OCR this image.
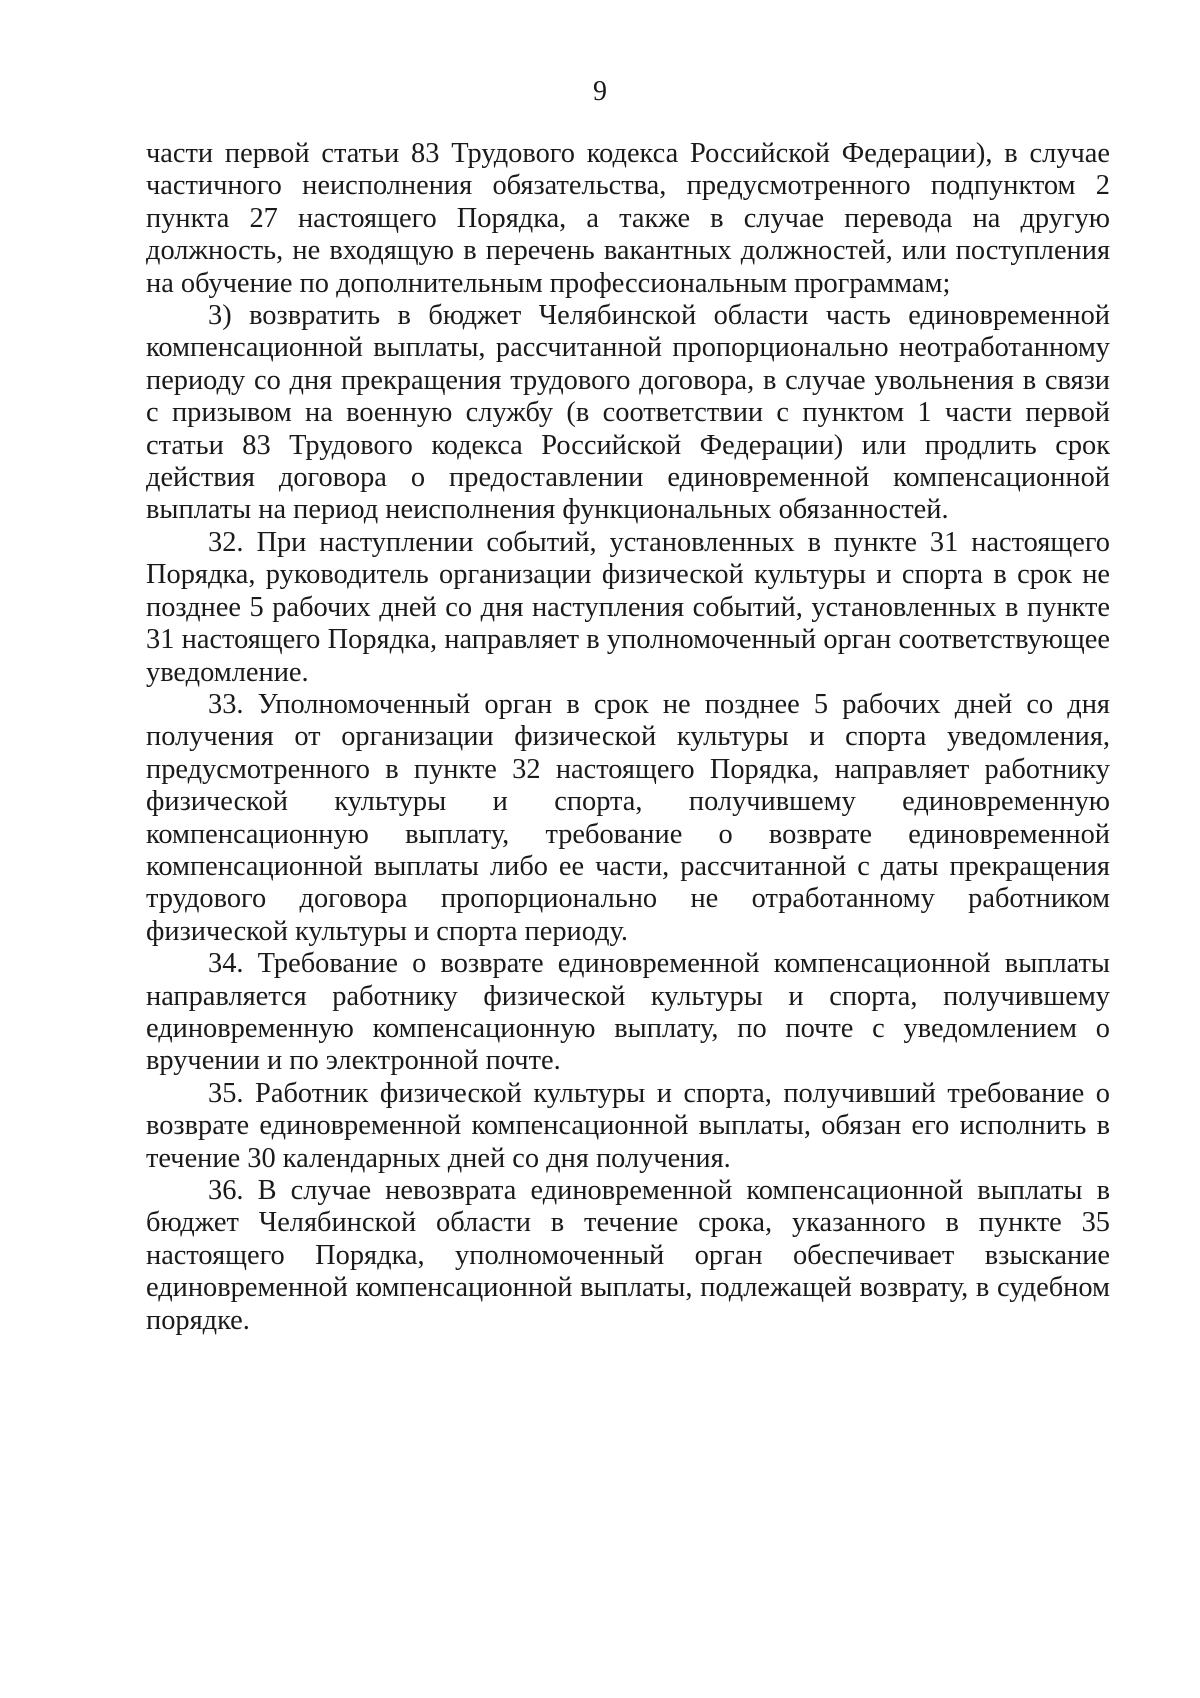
9

части первой статьи 83 Трудового кодекса Российской Федерации), в случае частичного неисполнения обязательства, предусмотренного подпунктом 2 пункта 27 настоящего Порядка, а также в случае перевода на другую должность, не входящую в перечень вакантных должностей, или поступления на обучение по дополнительным профессиональным программам;

3) возвратить в бюджет Челябинской области часть единовременной компенсационной выплаты, рассчитанной пропорционально неотработанному периоду со дня прекращения трудового договора, в случае увольнения в связи с призывом на военную службу (в соответствии с пунктом 1 части первой статьи 83 Трудового кодекса Российской Федерации) или продлить срок действия договора о предоставлении единовременной компенсационной выплаты на период неисполнения функциональных обязанностей.

32. При наступлении событий, установленных в пункте 31 настоящего Порядка, руководитель организации физической культуры и спорта в срок не позднее 5 рабочих дней со дня наступления событий, установленных в пункте 31 настоящего Порядка, направляет в уполномоченный орган соответствующее уведомление.

33. Уполномоченный орган в срок не позднее 5 рабочих дней со дня получения от организации физической культуры и спорта уведомления, предусмотренного в пункте 32 настоящего Порядка, направляет работнику физической культуры и спорта, получившему единовременную компенсационную выплату, требование о возврате единовременной компенсационной выплаты либо ее части, рассчитанной с даты прекращения трудового договора пропорционально не отработанному работником физической культуры и спорта периоду.

34. Требование о возврате единовременной компенсационной выплаты направляется работнику физической культуры и спорта, получившему единовременную компенсационную выплату, по почте с уведомлением о вручении и по электронной почте.

35. Работник физической культуры и спорта, получивший требование о возврате единовременной компенсационной выплаты, обязан его исполнить в течение 30 календарных дней со дня получения.

36. В случае невозврата единовременной компенсационной выплаты в бюджет Челябинской области в течение срока, указанного в пункте 35 настоящего Порядка, уполномоченный орган обеспечивает взыскание единовременной компенсационной выплаты, подлежащей возврату, в судебном порядке.
